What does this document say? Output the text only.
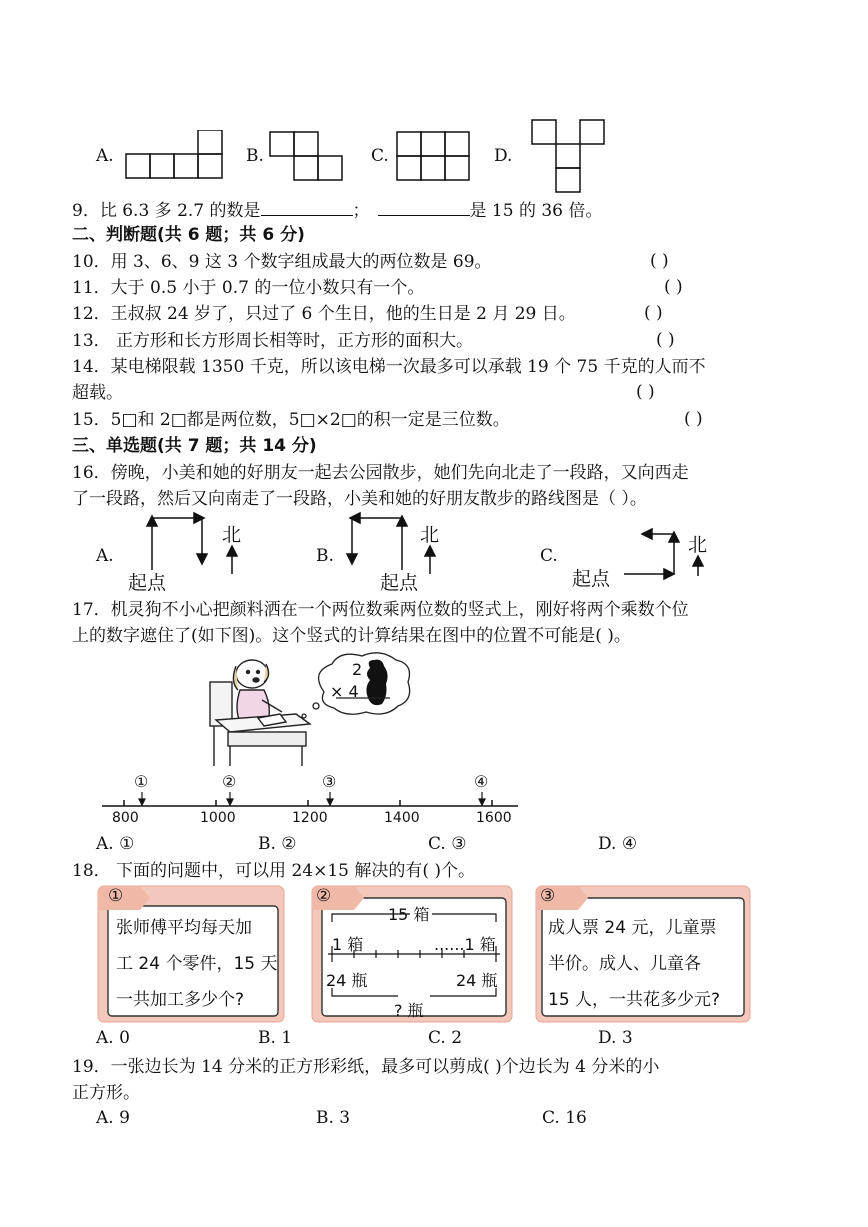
A.	B.	C.	D.
9．比 6.3 多 2.7 的数是	；	是 15 的 36 倍。
二、判断题(共 6 题；共 6 分)
10．用 3、6、9 这 3 个数字组成最大的两位数是 69。	( )
11．大于 0.5 小于 0.7 的一位小数只有一个。	( )
12．王叔叔 24 岁了，只过了 6 个生日，他的生日是 2 月 29 日。	( )
13． 正方形和长方形周长相等时，正方形的面积大。	( )
14．某电梯限载 1350 千克，所以该电梯一次最多可以承载 19 个 75 千克的人而不
超载。	( )
15．5□和 2□都是两位数，5□×2□的积一定是三位数。	( )
三、单选题(共 7 题；共 14 分)
16．傍晚，小美和她的好朋友一起去公园散步，她们先向北走了一段路，又向西走
了一段路，然后又向南走了一段路，小美和她的好朋友散步的路线图是（ ）。
A.
北
起点
B.
北
起点
C.
起点
北
17．机灵狗不小心把颜料洒在一个两位数乘两位数的竖式上，刚好将两个乘数个位
上的数字遮住了(如下图)。这个竖式的计算结果在图中的位置不可能是( )。
2
× 4
①	②	③	④
800	1000	1200	1400	1600
A. ①	B. ②	C. ③	D. ④
18． 下面的问题中，可以用 24×15 解决的有( )个。
①
张师傅平均每天加
工 24 个零件，15 天
一共加工多少个?
②
15 箱
1 箱	......1 箱
24 瓶	24 瓶
? 瓶
③
成人票 24 元，儿童票
半价。成人、儿童各
15 人，一共花多少元?
A. 0	B. 1	C. 2	D. 3
19．一张边长为 14 分米的正方形彩纸，最多可以剪成( )个边长为 4 分米的小
正方形。
A. 9	B. 3	C. 16
